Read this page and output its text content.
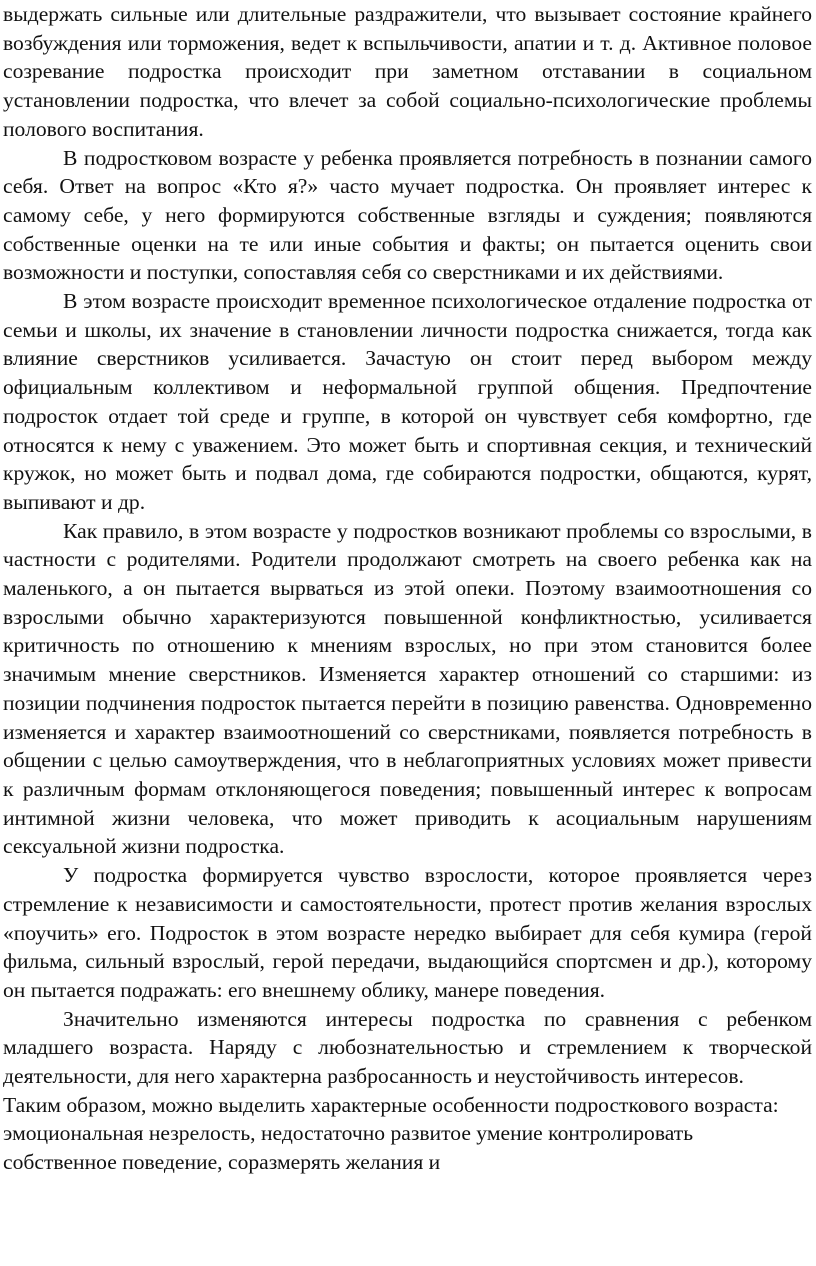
выдержать сильные или длительные раздражители, что вызывает состояние крайнего возбуждения или торможения, ведет к вспыльчивости, апатии и т. д. Активное половое созревание подростка происходит при заметном отставании в социальном установлении подростка, что влечет за собой социально-психологические проблемы полового воспитания.

В подростковом возрасте у ребенка проявляется потребность в познании самого себя. Ответ на вопрос «Кто я?» часто мучает подростка. Он проявляет интерес к самому себе, у него формируются собственные взгляды и суждения; появляются собственные оценки на те или иные события и факты; он пытается оценить свои возможности и поступки, сопоставляя себя со сверстниками и их действиями.

В этом возрасте происходит временное психологическое отдаление подростка от семьи и школы, их значение в становлении личности подростка снижается, тогда как влияние сверстников усиливается. Зачастую он стоит перед выбором между официальным коллективом и неформальной группой общения. Предпочтение подросток отдает той среде и группе, в которой он чувствует себя комфортно, где относятся к нему с уважением. Это может быть и спортивная секция, и технический кружок, но может быть и подвал дома, где собираются подростки, общаются, курят, выпивают и др.

Как правило, в этом возрасте у подростков возникают проблемы со взрослыми, в частности с родителями. Родители продолжают смотреть на своего ребенка как на маленького, а он пытается вырваться из этой опеки. Поэтому взаимоотношения со взрослыми обычно характеризуются повышенной конфликтностью, усиливается критичность по отношению к мнениям взрослых, но при этом становится более значимым мнение сверстников. Изменяется характер отношений со старшими: из позиции подчинения подросток пытается перейти в позицию равенства. Одновременно изменяется и характер взаимоотношений со сверстниками, появляется потребность в общении с целью самоутверждения, что в неблагоприятных условиях может привести к различным формам отклоняющегося поведения; повышенный интерес к вопросам интимной жизни человека, что может приводить к асоциальным нарушениям сексуальной жизни подростка.

У подростка формируется чувство взрослости, которое проявляется через стремление к независимости и самостоятельности, протест против желания взрослых «поучить» его. Подросток в этом возрасте нередко выбирает для себя кумира (герой фильма, сильный взрослый, герой передачи, выдающийся спортсмен и др.), которому он пытается подражать: его внешнему облику, манере поведения.

Значительно изменяются интересы подростка по сравнения с ребенком младшего возраста. Наряду с любознательностью и стремлением к творческой деятельности, для него характерна разбросанность и неустойчивость интересов.

Таким образом, можно выделить характерные особенности подросткового возраста: эмоциональная незрелость, недостаточно развитое умение контролировать собственное поведение, соразмерять желания и
